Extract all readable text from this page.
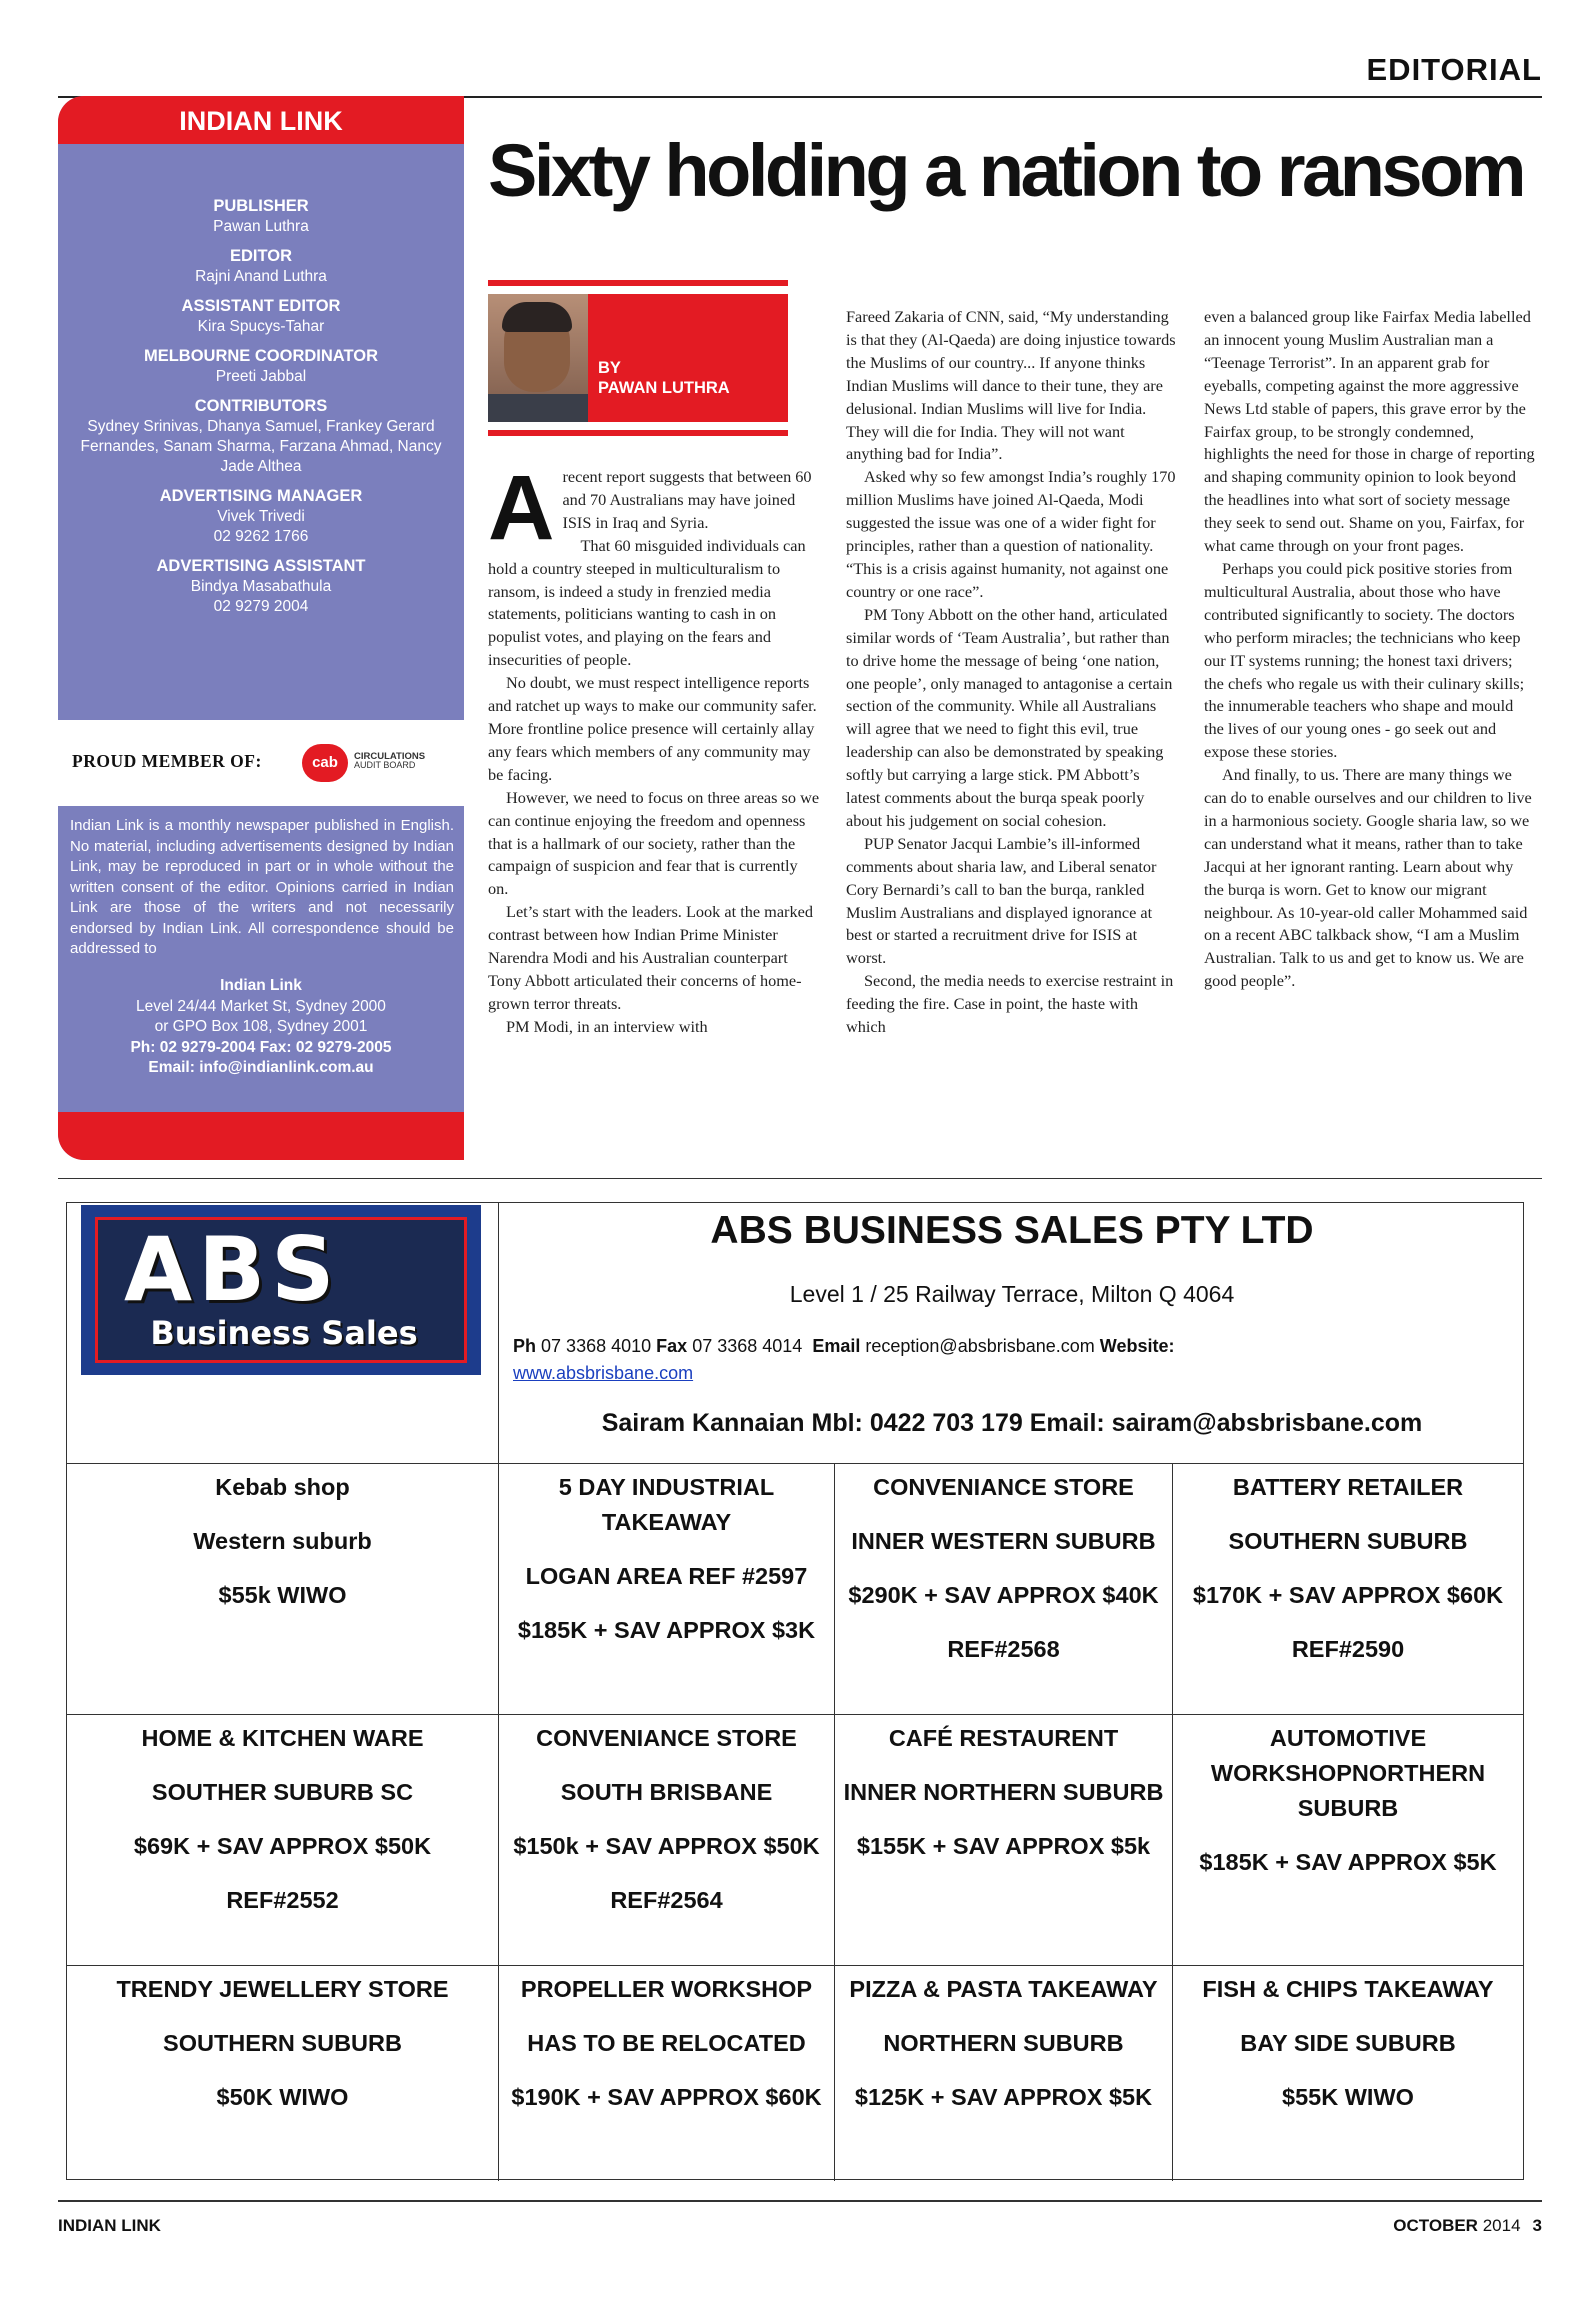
EDITORIAL
INDIAN LINK
PUBLISHER
Pawan Luthra
EDITOR
Rajni Anand Luthra
ASSISTANT EDITOR
Kira Spucys-Tahar
MELBOURNE COORDINATOR
Preeti Jabbal
CONTRIBUTORS
Sydney Srinivas, Dhanya Samuel, Frankey Gerard Fernandes, Sanam Sharma, Farzana Ahmad, Nancy Jade Althea
ADVERTISING MANAGER
Vivek Trivedi
02 9262 1766
ADVERTISING ASSISTANT
Bindya Masabathula
02 9279 2004
PROUD MEMBER OF:	cab	CIRCULATIONS
AUDIT BOARD
Indian Link is a monthly newspaper published in English. No material, including advertisements designed by Indian Link, may be reproduced in part or in whole without the written consent of the editor. Opinions carried in Indian Link are those of the writers and not necessarily endorsed by Indian Link. All correspondence should be addressed to
Indian Link
Level 24/44 Market St, Sydney 2000
or GPO Box 108, Sydney 2001
Ph: 02 9279-2004 Fax: 02 9279-2005
Email: info@indianlink.com.au
Sixty holding a nation to ransom
BY
PAWAN LUTHRA
A recent report suggests that between 60 and 70 Australians may have joined ISIS in Iraq and Syria.

That 60 misguided individuals can hold a country steeped in multiculturalism to ransom, is indeed a study in frenzied media statements, politicians wanting to cash in on populist votes, and playing on the fears and insecurities of people.

No doubt, we must respect intelligence reports and ratchet up ways to make our community safer. More frontline police presence will certainly allay any fears which members of any community may be facing.

However, we need to focus on three areas so we can continue enjoying the freedom and openness that is a hallmark of our society, rather than the campaign of suspicion and fear that is currently on.

Let’s start with the leaders. Look at the marked contrast between how Indian Prime Minister Narendra Modi and his Australian counterpart Tony Abbott articulated their concerns of home-grown terror threats.

PM Modi, in an interview with

Fareed Zakaria of CNN, said, “My understanding is that they (Al-Qaeda) are doing injustice towards the Muslims of our country... If anyone thinks Indian Muslims will dance to their tune, they are delusional. Indian Muslims will live for India. They will die for India. They will not want anything bad for India”.

Asked why so few amongst India’s roughly 170 million Muslims have joined Al-Qaeda, Modi suggested the issue was one of a wider fight for principles, rather than a question of nationality. “This is a crisis against humanity, not against one country or one race”.

PM Tony Abbott on the other hand, articulated similar words of ‘Team Australia’, but rather than to drive home the message of being ‘one nation, one people’, only managed to antagonise a certain section of the community. While all Australians will agree that we need to fight this evil, true leadership can also be demonstrated by speaking softly but carrying a large stick. PM Abbott’s latest comments about the burqa speak poorly about his judgement on social cohesion.

PUP Senator Jacqui Lambie’s ill-informed comments about sharia law, and Liberal senator Cory Bernardi’s call to ban the burqa, rankled Muslim Australians and displayed ignorance at best or started a recruitment drive for ISIS at worst.

Second, the media needs to exercise restraint in feeding the fire. Case in point, the haste with which

even a balanced group like Fairfax Media labelled an innocent young Muslim Australian man a “Teenage Terrorist”. In an apparent grab for eyeballs, competing against the more aggressive News Ltd stable of papers, this grave error by the Fairfax group, to be strongly condemned, highlights the need for those in charge of reporting and shaping community opinion to look beyond the headlines into what sort of society message they seek to send out. Shame on you, Fairfax, for what came through on your front pages.

Perhaps you could pick positive stories from multicultural Australia, about those who have contributed significantly to society. The doctors who perform miracles; the technicians who keep our IT systems running; the honest taxi drivers; the chefs who regale us with their culinary skills; the innumerable teachers who shape and mould the lives of our young ones - go seek out and expose these stories.

And finally, to us. There are many things we can do to enable ourselves and our children to live in a harmonious society. Google sharia law, so we can understand what it means, rather than to take Jacqui at her ignorant ranting. Learn about why the burqa is worn. Get to know our migrant neighbour. As 10-year-old caller Mohammed said on a recent ABC talkback show, “I am a Muslim Australian. Talk to us and get to know us. We are good people”.

ABS
Business Sales
ABS BUSINESS SALES PTY LTD
Level 1 / 25 Railway Terrace, Milton Q 4064
Ph 07 3368 4010 Fax 07 3368 4014 Email reception@absbrisbane.com Website:
www.absbrisbane.com
Sairam Kannaian Mbl: 0422 703 179 Email: sairam@absbrisbane.com
Kebab shop
Western suburb
$55k WIWO
5 DAY INDUSTRIAL TAKEAWAY
LOGAN AREA REF #2597
$185K + SAV APPROX $3K
CONVENIANCE STORE
INNER WESTERN SUBURB
$290K + SAV APPROX $40K
REF#2568
BATTERY RETAILER
SOUTHERN SUBURB
$170K + SAV APPROX $60K
REF#2590
HOME & KITCHEN WARE
SOUTHER SUBURB SC
$69K + SAV APPROX $50K
REF#2552
CONVENIANCE STORE
SOUTH BRISBANE
$150k + SAV APPROX $50K
REF#2564
CAFÉ RESTAURENT
INNER NORTHERN SUBURB
$155K + SAV APPROX $5k
AUTOMOTIVE WORKSHOPNORTHERN SUBURB
$185K + SAV APPROX $5K
TRENDY JEWELLERY STORE
SOUTHERN SUBURB
$50K WIWO
PROPELLER WORKSHOP
HAS TO BE RELOCATED
$190K + SAV APPROX $60K
PIZZA & PASTA TAKEAWAY
NORTHERN SUBURB
$125K + SAV APPROX $5K
FISH & CHIPS TAKEAWAY
BAY SIDE SUBURB
$55K WIWO
INDIAN LINK	OCTOBER 2014 3
